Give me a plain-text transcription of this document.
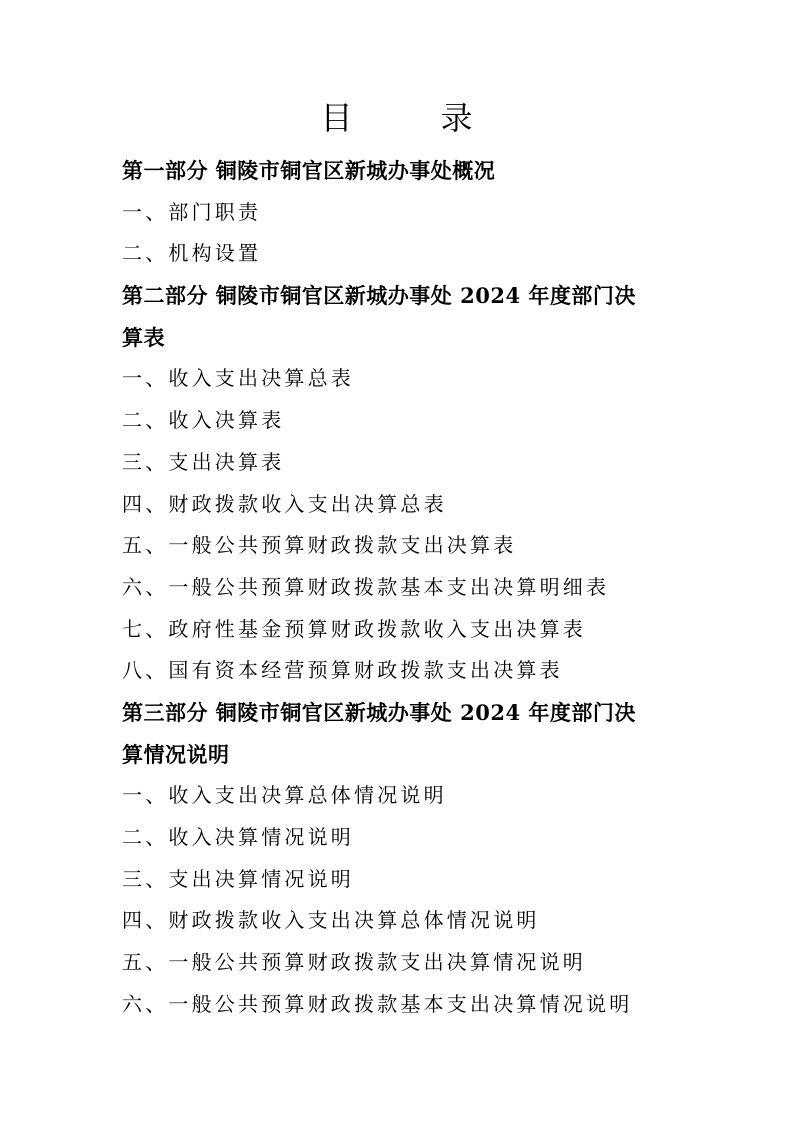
目　录
第一部分 铜陵市铜官区新城办事处概况
一、部门职责
二、机构设置
第二部分 铜陵市铜官区新城办事处 2024 年度部门决
算表
一、收入支出决算总表
二、收入决算表
三、支出决算表
四、财政拨款收入支出决算总表
五、一般公共预算财政拨款支出决算表
六、一般公共预算财政拨款基本支出决算明细表
七、政府性基金预算财政拨款收入支出决算表
八、国有资本经营预算财政拨款支出决算表
第三部分 铜陵市铜官区新城办事处 2024 年度部门决
算情况说明
一、收入支出决算总体情况说明
二、收入决算情况说明
三、支出决算情况说明
四、财政拨款收入支出决算总体情况说明
五、一般公共预算财政拨款支出决算情况说明
六、一般公共预算财政拨款基本支出决算情况说明
